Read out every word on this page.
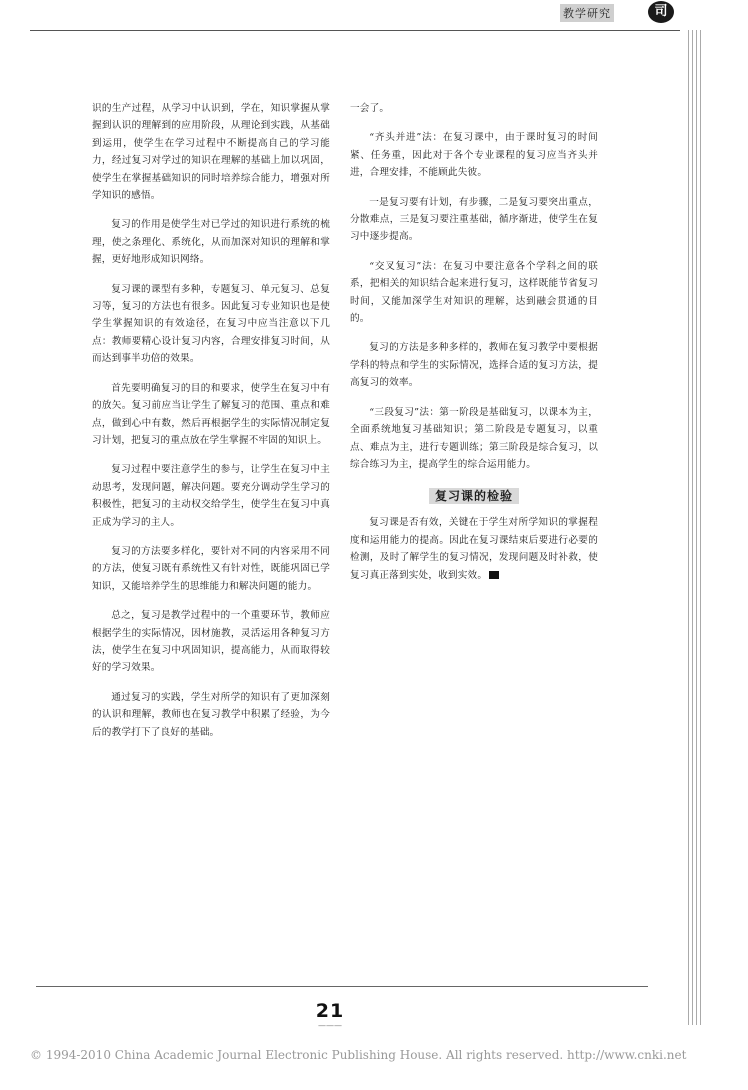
教学研究	司

识的生产过程，从学习中认识到，学在，知识掌握从掌握到认识的理解到的应用阶段，从理论到实践，从基础到运用，使学生在学习过程中不断提高自己的学习能力，经过复习对学过的知识在理解的基础上加以巩固，使学生在掌握基础知识的同时培养综合能力，增强对所学知识的感悟。

复习的作用是使学生对已学过的知识进行系统的梳理，使之条理化、系统化，从而加深对知识的理解和掌握，更好地形成知识网络。

复习课的课型有多种，专题复习、单元复习、总复习等，复习的方法也有很多。因此复习专业知识也是使学生掌握知识的有效途径，在复习中应当注意以下几点：教师要精心设计复习内容，合理安排复习时间，从而达到事半功倍的效果。

首先要明确复习的目的和要求，使学生在复习中有的放矢。复习前应当让学生了解复习的范围、重点和难点，做到心中有数，然后再根据学生的实际情况制定复习计划，把复习的重点放在学生掌握不牢固的知识上。

复习过程中要注意学生的参与，让学生在复习中主动思考，发现问题，解决问题。要充分调动学生学习的积极性，把复习的主动权交给学生，使学生在复习中真正成为学习的主人。

复习的方法要多样化，要针对不同的内容采用不同的方法，使复习既有系统性又有针对性，既能巩固已学知识，又能培养学生的思维能力和解决问题的能力。

总之，复习是教学过程中的一个重要环节，教师应根据学生的实际情况，因材施教，灵活运用各种复习方法，使学生在复习中巩固知识，提高能力，从而取得较好的学习效果。

通过复习的实践，学生对所学的知识有了更加深刻的认识和理解，教师也在复习教学中积累了经验，为今后的教学打下了良好的基础。

一会了。

“齐头并进”法：在复习课中，由于课时复习的时间紧、任务重，因此对于各个专业课程的复习应当齐头并进，合理安排，不能顾此失彼。

一是复习要有计划，有步骤，二是复习要突出重点，分散难点，三是复习要注重基础，循序渐进，使学生在复习中逐步提高。

“交叉复习”法：在复习中要注意各个学科之间的联系，把相关的知识结合起来进行复习，这样既能节省复习时间，又能加深学生对知识的理解，达到融会贯通的目的。

复习的方法是多种多样的，教师在复习教学中要根据学科的特点和学生的实际情况，选择合适的复习方法，提高复习的效率。

“三段复习”法：第一阶段是基础复习，以课本为主，全面系统地复习基础知识；第二阶段是专题复习，以重点、难点为主，进行专题训练；第三阶段是综合复习，以综合练习为主，提高学生的综合运用能力。

复习课的检验

复习课是否有效，关键在于学生对所学知识的掌握程度和运用能力的提高。因此在复习课结束后要进行必要的检测，及时了解学生的复习情况，发现问题及时补救，使复习真正落到实处，收到实效。

21
———
© 1994-2010 China Academic Journal Electronic Publishing House. All rights reserved. http://www.cnki.net
